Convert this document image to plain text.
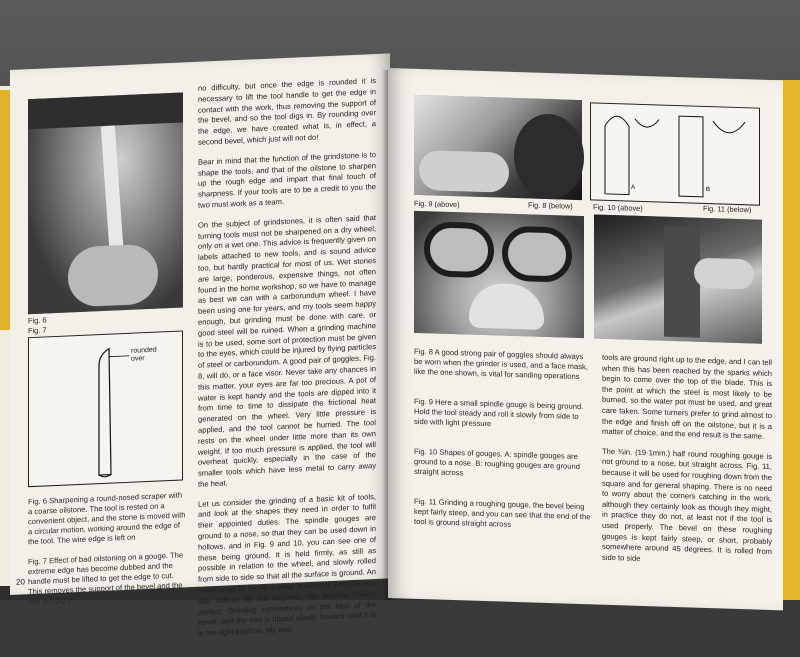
Fig. 6
Fig. 7
rounded over
Fig. 6 Sharpening a round-nosed scraper with a coarse oilstone. The tool is rested on a convenient object, and the stone is moved with a circular motion, working around the edge of the tool. The wire edge is left on
Fig. 7 Effect of bad oilstoning on a gouge. The extreme edge has become dubbed and the handle must be lifted to get the edge to cut. This removes the support of the bevel and the tool will dig in

no difficulty, but once the edge is rounded it is necessary to lift the tool handle to get the edge in contact with the work, thus removing the support of the bevel, and so the tool digs in. By rounding over the edge, we have created what is, in effect, a second bevel, which just will not do!

Bear in mind that the function of the grindstone is to shape the tools, and that of the oilstone to sharpen up the rough edge and impart that final touch of sharpness. If your tools are to be a credit to you the two must work as a team.

On the subject of grindstones, it is often said that turning tools must not be sharpened on a dry wheel, only on a wet one. This advice is frequently given on labels attached to new tools, and is sound advice too, but hardly practical for most of us. Wet stones are large, ponderous, expensive things, not often found in the home workshop, so we have to manage as best we can with a carborundum wheel. I have been using one for years, and my tools seem happy enough, but grinding must be done with care, or good steel will be ruined. When a grinding machine is to be used, some sort of protection must be given to the eyes, which could be injured by flying particles of steel or carborundum. A good pair of goggles, Fig. 8, will do, or a face visor. Never take any chances in this matter, your eyes are far too precious. A pot of water is kept handy and the tools are dipped into it from time to time to dissipate the frictional heat generated on the wheel. Very little pressure is applied, and the tool cannot be hurried. The tool rests on the wheel under little more than its own weight. If too much pressure is applied, the tool will overheat quickly, especially in the case of the smaller tools which have less metal to carry away the heat.

Let us consider the grinding of a basic kit of tools, and look at the shapes they need in order to fulfil their appointed duties. The spindle gouges are ground to a nose, so that they can be used down in hollows, and in Fig. 9 and 10, you can see one of these being ground. It is held firmly, as still as possible in relation to the wheel, and slowly rolled from side to side so that all the surface is ground. An even bevel all round is what is wanted, and this is a little difficult for the beginner, but practice makes perfect. Grinding commences on the heel of the bevel, and the tool is tipped slowly forward until it is in the right position. My own

20
A	B
Fig. 9 (above)	Fig. 8 (below)	Fig. 10 (above)	Fig. 11 (below)
Fig. 8 A good strong pair of goggles should always be worn when the grinder is used, and a face mask, like the one shown, is vital for sanding operations
Fig. 9 Here a small spindle gouge is being ground. Hold the tool steady and roll it slowly from side to side with light pressure
Fig. 10 Shapes of gouges. A: spindle gouges are ground to a nose. B: roughing gouges are ground straight across
Fig. 11 Grinding a roughing gouge, the bevel being kept fairly steep, and you can see that the end of the tool is ground straight across

tools are ground right up to the edge, and I can tell when this has been reached by the sparks which begin to come over the top of the blade. This is the point at which the steel is most likely to be burned, so the water pot must be used, and great care taken. Some turners prefer to grind almost to the edge and finish off on the oilstone, but it is a matter of choice, and the end result is the same.

The ¾in. (19·1mm.) half round roughing gouge is not ground to a nose, but straight across. Fig. 11, because it will be used for roughing down from the square and for general shaping. There is no need to worry about the corners catching in the work, although they certainly look as though they might, in practice they do not, at least not if the tool is used properly. The bevel on these roughing gouges is kept fairly steep, or short, probably somewhere around 45 degrees. It is rolled from side to side
